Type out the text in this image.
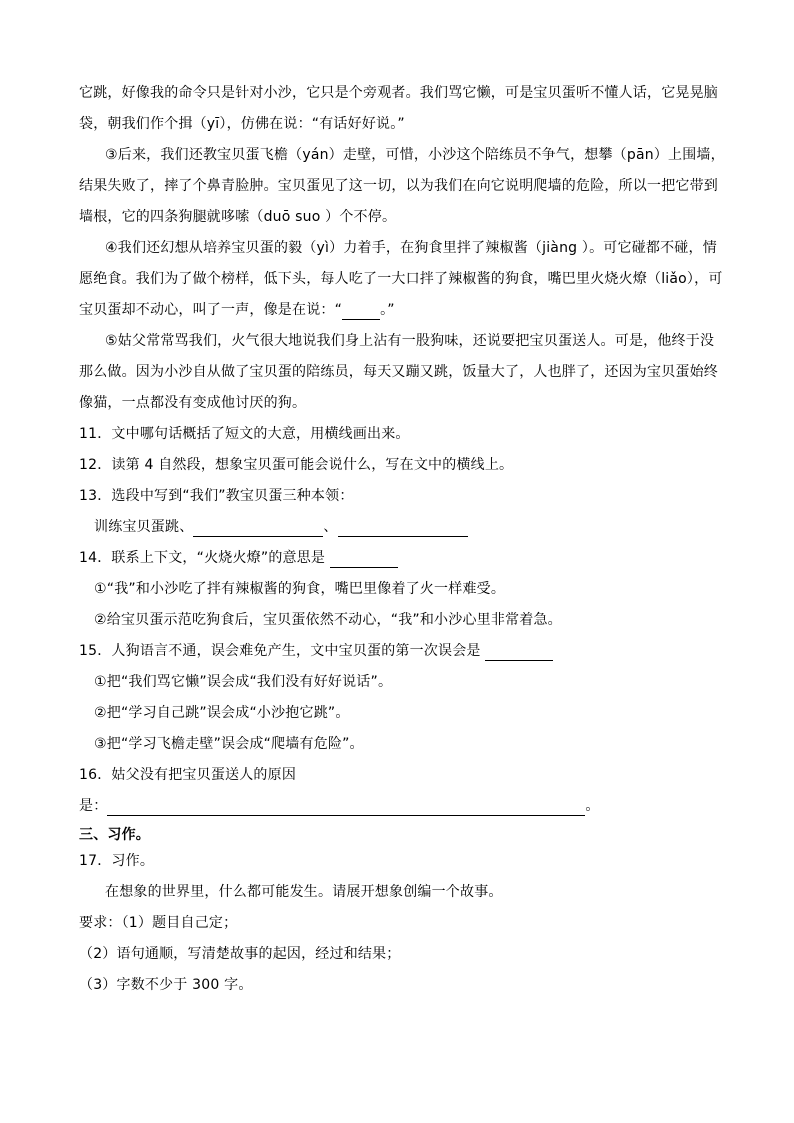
它跳，好像我的命令只是针对小沙，它只是个旁观者。我们骂它懒，可是宝贝蛋听不懂人话，它晃晃脑
袋，朝我们作个揖（yī），仿佛在说：“有话好好说。”
③后来，我们还教宝贝蛋飞檐（yán）走壁，可惜，小沙这个陪练员不争气，想攀（pān）上围墙，
结果失败了，摔了个鼻青脸肿。宝贝蛋见了这一切，以为我们在向它说明爬墙的危险，所以一把它带到
墙根，它的四条狗腿就哆嗦（duō suo ）个不停。
④我们还幻想从培养宝贝蛋的毅（yì）力着手，在狗食里拌了辣椒酱（jiàng ）。可它碰都不碰，情
愿绝食。我们为了做个榜样，低下头，每人吃了一大口拌了辣椒酱的狗食，嘴巴里火烧火燎（liǎo），可
宝贝蛋却不动心，叫了一声，像是在说：“	。”
⑤姑父常常骂我们，火气很大地说我们身上沾有一股狗味，还说要把宝贝蛋送人。可是，他终于没
那么做。因为小沙自从做了宝贝蛋的陪练员，每天又蹦又跳，饭量大了，人也胖了，还因为宝贝蛋始终
像猫，一点都没有变成他讨厌的狗。
11．文中哪句话概括了短文的大意，用横线画出来。
12．读第 4 自然段，想象宝贝蛋可能会说什么，写在文中的横线上。
13．选段中写到“我们”教宝贝蛋三种本领：
训练宝贝蛋跳、	、
14．联系上下文，“火烧火燎”的意思是
①“我”和小沙吃了拌有辣椒酱的狗食，嘴巴里像着了火一样难受。
②给宝贝蛋示范吃狗食后，宝贝蛋依然不动心，“我”和小沙心里非常着急。
15．人狗语言不通，误会难免产生，文中宝贝蛋的第一次误会是
①把“我们骂它懒”误会成“我们没有好好说话”。
②把“学习自己跳”误会成“小沙抱它跳”。
③把“学习飞檐走壁”误会成“爬墙有危险”。
16．姑父没有把宝贝蛋送人的原因
是：	。
三、习作。
17．习作。
在想象的世界里，什么都可能发生。请展开想象创编一个故事。
要求：（1）题目自己定；
（2）语句通顺，写清楚故事的起因，经过和结果；
（3）字数不少于 300 字。
